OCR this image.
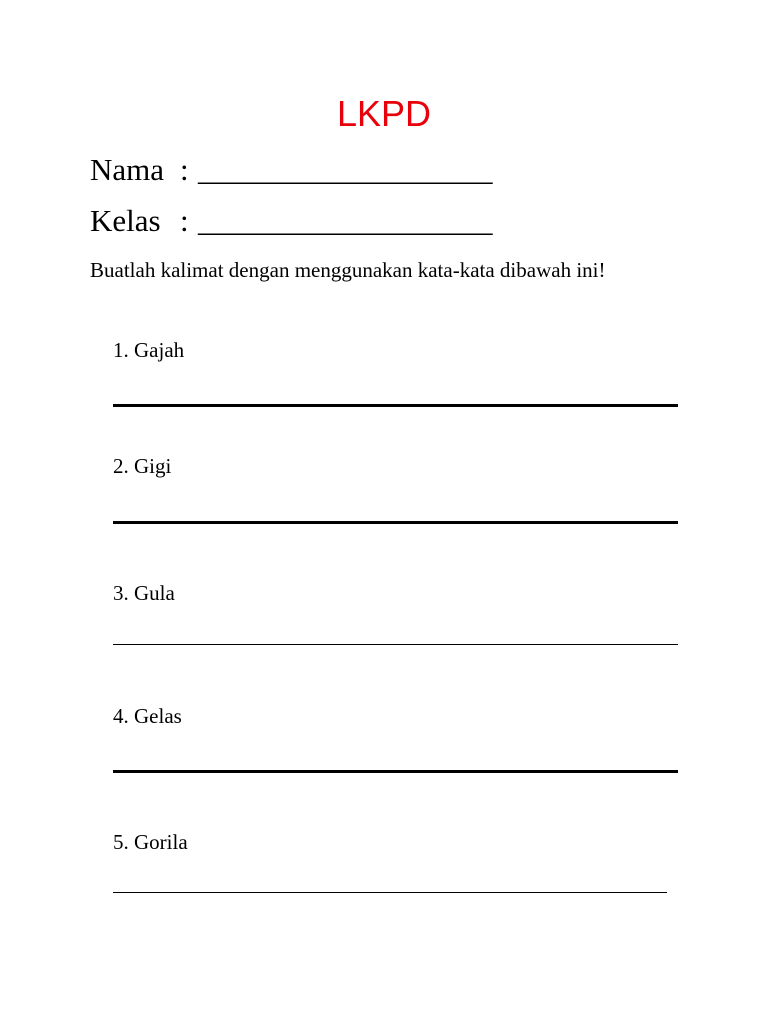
LKPD
Nama : ___________________
Kelas : ___________________
Buatlah kalimat dengan menggunakan kata-kata dibawah ini!
1. Gajah
2. Gigi
3. Gula
4. Gelas
5. Gorila
